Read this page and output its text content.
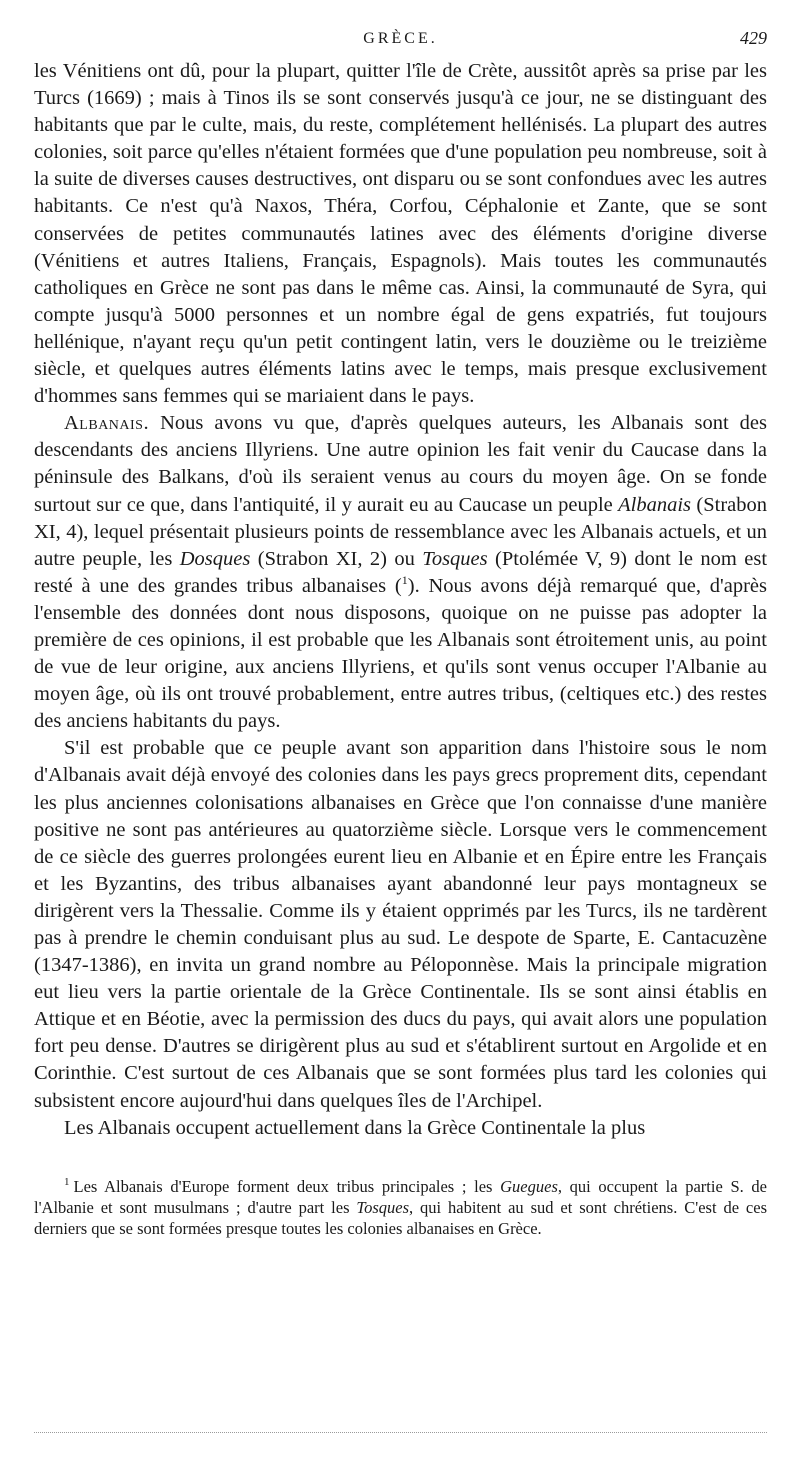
GRÈCE.	429

les Vénitiens ont dû, pour la plupart, quitter l'île de Crète, aussitôt après sa prise par les Turcs (1669) ; mais à Tinos ils se sont conservés jusqu'à ce jour, ne se distinguant des habitants que par le culte, mais, du reste, complétement hellénisés. La plupart des autres colonies, soit parce qu'elles n'étaient formées que d'une population peu nombreuse, soit à la suite de diverses causes destructives, ont disparu ou se sont confondues avec les autres habitants. Ce n'est qu'à Naxos, Théra, Corfou, Céphalonie et Zante, que se sont conservées de petites communautés latines avec des éléments d'origine diverse (Vénitiens et autres Italiens, Français, Espagnols). Mais toutes les communautés catholiques en Grèce ne sont pas dans le même cas. Ainsi, la communauté de Syra, qui compte jusqu'à 5000 personnes et un nombre égal de gens expatriés, fut toujours hellénique, n'ayant reçu qu'un petit contingent latin, vers le douzième ou le treizième siècle, et quelques autres éléments latins avec le temps, mais presque exclusivement d'hommes sans femmes qui se mariaient dans le pays.

Albanais. Nous avons vu que, d'après quelques auteurs, les Albanais sont des descendants des anciens Illyriens. Une autre opinion les fait venir du Caucase dans la péninsule des Balkans, d'où ils seraient venus au cours du moyen âge. On se fonde surtout sur ce que, dans l'antiquité, il y aurait eu au Caucase un peuple Albanais (Strabon XI, 4), lequel présentait plusieurs points de ressemblance avec les Albanais actuels, et un autre peuple, les Dosques (Strabon XI, 2) ou Tosques (Ptolémée V, 9) dont le nom est resté à une des grandes tribus albanaises ($^1$). Nous avons déjà remarqué que, d'après l'ensemble des données dont nous disposons, quoique on ne puisse pas adopter la première de ces opinions, il est probable que les Albanais sont étroitement unis, au point de vue de leur origine, aux anciens Illyriens, et qu'ils sont venus occuper l'Albanie au moyen âge, où ils ont trouvé probablement, entre autres tribus, (celtiques etc.) des restes des anciens habitants du pays.

S'il est probable que ce peuple avant son apparition dans l'histoire sous le nom d'Albanais avait déjà envoyé des colonies dans les pays grecs proprement dits, cependant les plus anciennes colonisations albanaises en Grèce que l'on connaisse d'une manière positive ne sont pas antérieures au quatorzième siècle. Lorsque vers le commencement de ce siècle des guerres prolongées eurent lieu en Albanie et en Épire entre les Français et les Byzantins, des tribus albanaises ayant abandonné leur pays montagneux se dirigèrent vers la Thessalie. Comme ils y étaient opprimés par les Turcs, ils ne tardèrent pas à prendre le chemin conduisant plus au sud. Le despote de Sparte, E. Cantacuzène (1347-1386), en invita un grand nombre au Péloponnèse. Mais la principale migration eut lieu vers la partie orientale de la Grèce Continentale. Ils se sont ainsi établis en Attique et en Béotie, avec la permission des ducs du pays, qui avait alors une population fort peu dense. D'autres se dirigèrent plus au sud et s'établirent surtout en Argolide et en Corinthie. C'est surtout de ces Albanais que se sont formées plus tard les colonies qui subsistent encore aujourd'hui dans quelques îles de l'Archipel.

Les Albanais occupent actuellement dans la Grèce Continentale la plus

$^1$ Les Albanais d'Europe forment deux tribus principales ; les Guegues, qui occupent la partie S. de l'Albanie et sont musulmans ; d'autre part les Tosques, qui habitent au sud et sont chrétiens. C'est de ces derniers que se sont formées presque toutes les colonies albanaises en Grèce.
